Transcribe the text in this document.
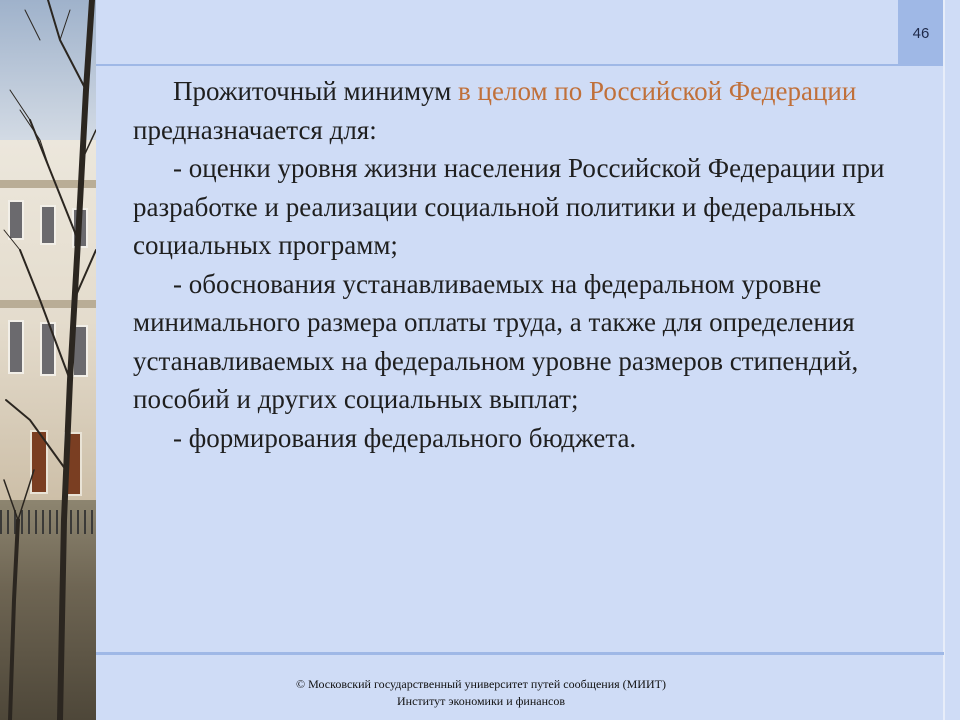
46

Прожиточный минимум в целом по Российской Федерации предназначается для:

- оценки уровня жизни населения Российской Федерации при разработке и реализации социальной политики и федеральных социальных программ;

- обоснования устанавливаемых на федеральном уровне минимального размера оплаты труда, а также для определения устанавливаемых на федеральном уровне размеров стипендий, пособий и других социальных выплат;

- формирования федерального бюджета.

© Московский государственный университет путей сообщения (МИИТ)
Институт экономики и финансов
